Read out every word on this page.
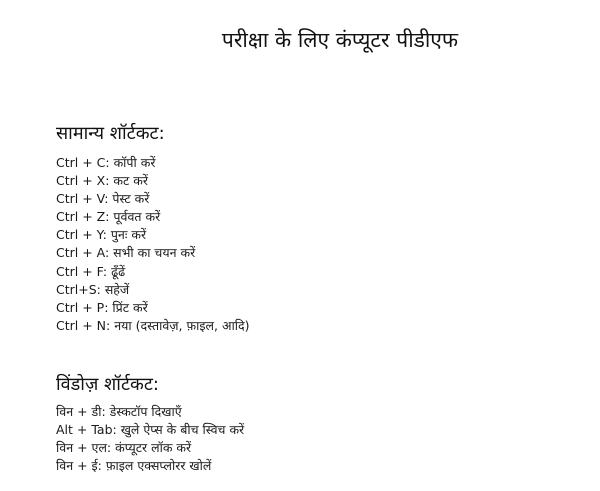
परीक्षा के लिए कंप्यूटर पीडीएफ
सामान्य शॉर्टकट:
Ctrl + C: कॉपी करें
Ctrl + X: कट करें
Ctrl + V: पेस्ट करें
Ctrl + Z: पूर्ववत करें
Ctrl + Y: पुनः करें
Ctrl + A: सभी का चयन करें
Ctrl + F: ढूँढें
Ctrl+S: सहेजें
Ctrl + P: प्रिंट करें
Ctrl + N: नया (दस्तावेज़, फ़ाइल, आदि)
विंडोज़ शॉर्टकट:
विन + डी: डेस्कटॉप दिखाएँ
Alt + Tab: खुले ऐप्स के बीच स्विच करें
विन + एल: कंप्यूटर लॉक करें
विन + ई: फ़ाइल एक्सप्लोरर खोलें
